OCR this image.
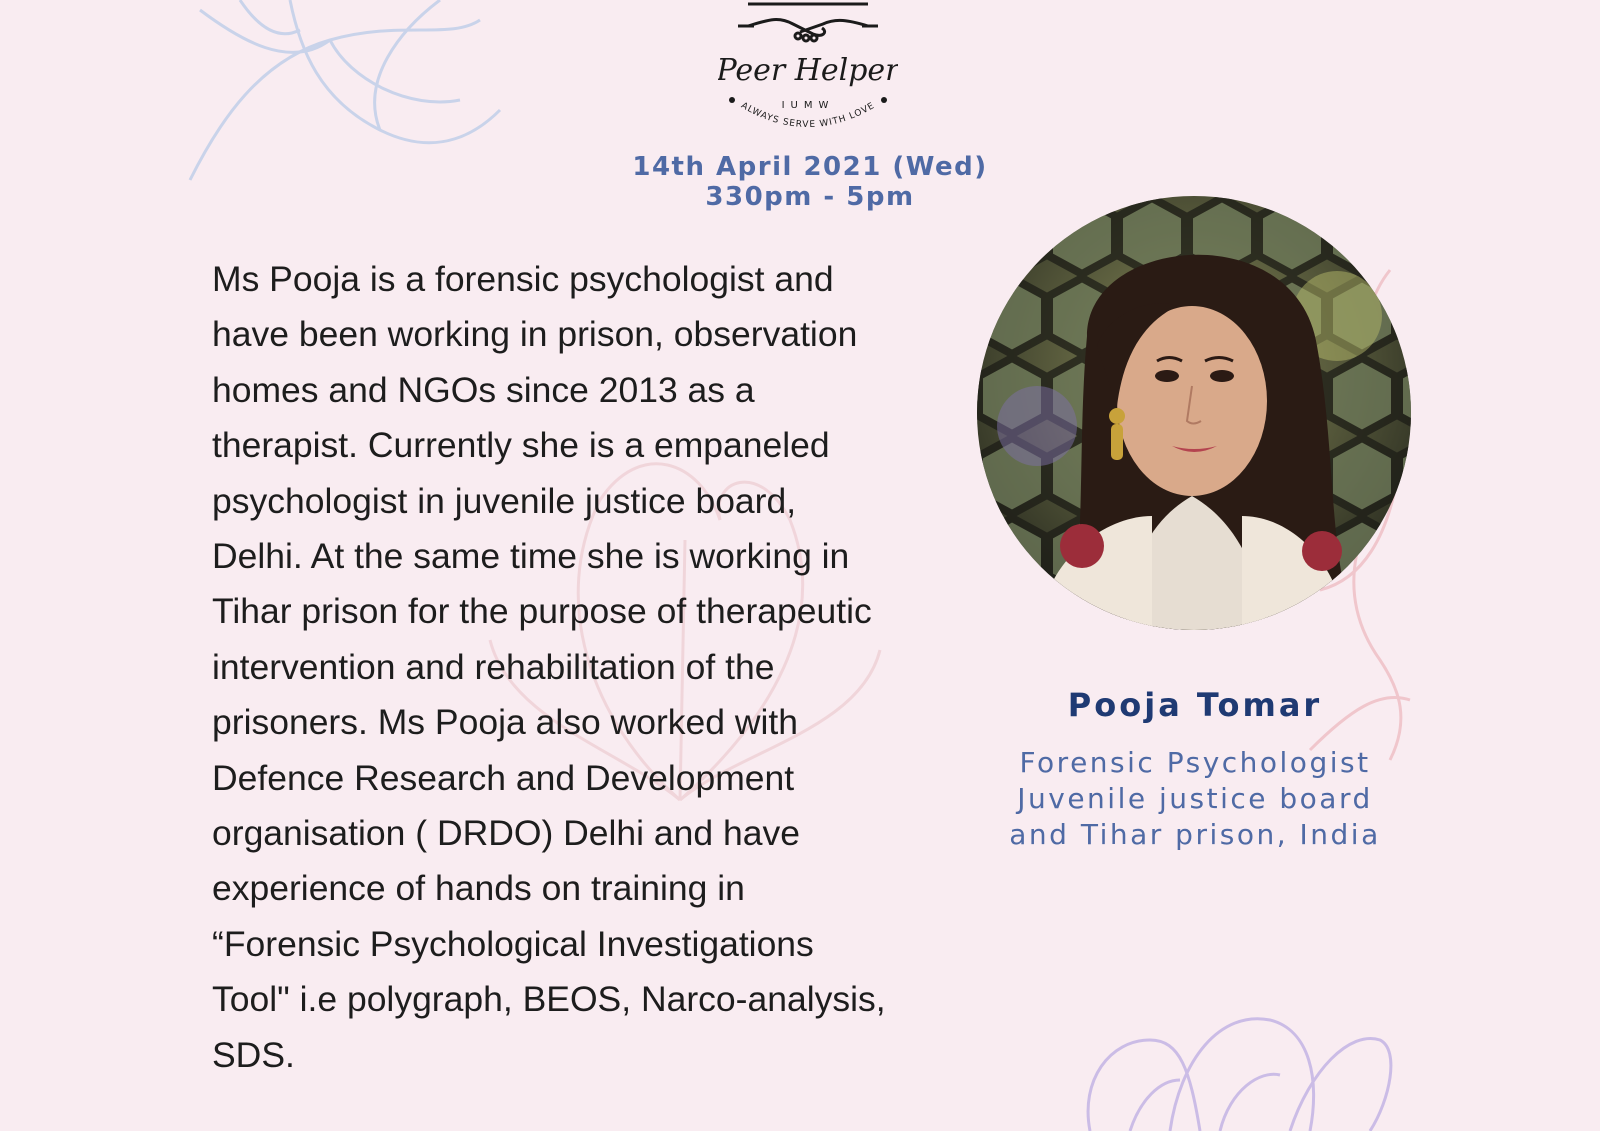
Peer Helper
IUMW
ALWAYS SERVE WITH LOVE
14th April 2021 (Wed)
330pm - 5pm
Ms Pooja is a forensic psychologist and
have been working in prison, observation
homes and NGOs since 2013 as a
therapist. Currently she is a empaneled
psychologist in juvenile justice board,
Delhi. At the same time she is working in
Tihar prison for the purpose of therapeutic
intervention and rehabilitation of the
prisoners. Ms Pooja also worked with
Defence Research and Development
organisation ( DRDO) Delhi and have
experience of hands on training in
“Forensic Psychological Investigations
Tool" i.e polygraph, BEOS, Narco-analysis,
SDS.
Pooja Tomar
Forensic Psychologist
Juvenile justice board
and Tihar prison, India
